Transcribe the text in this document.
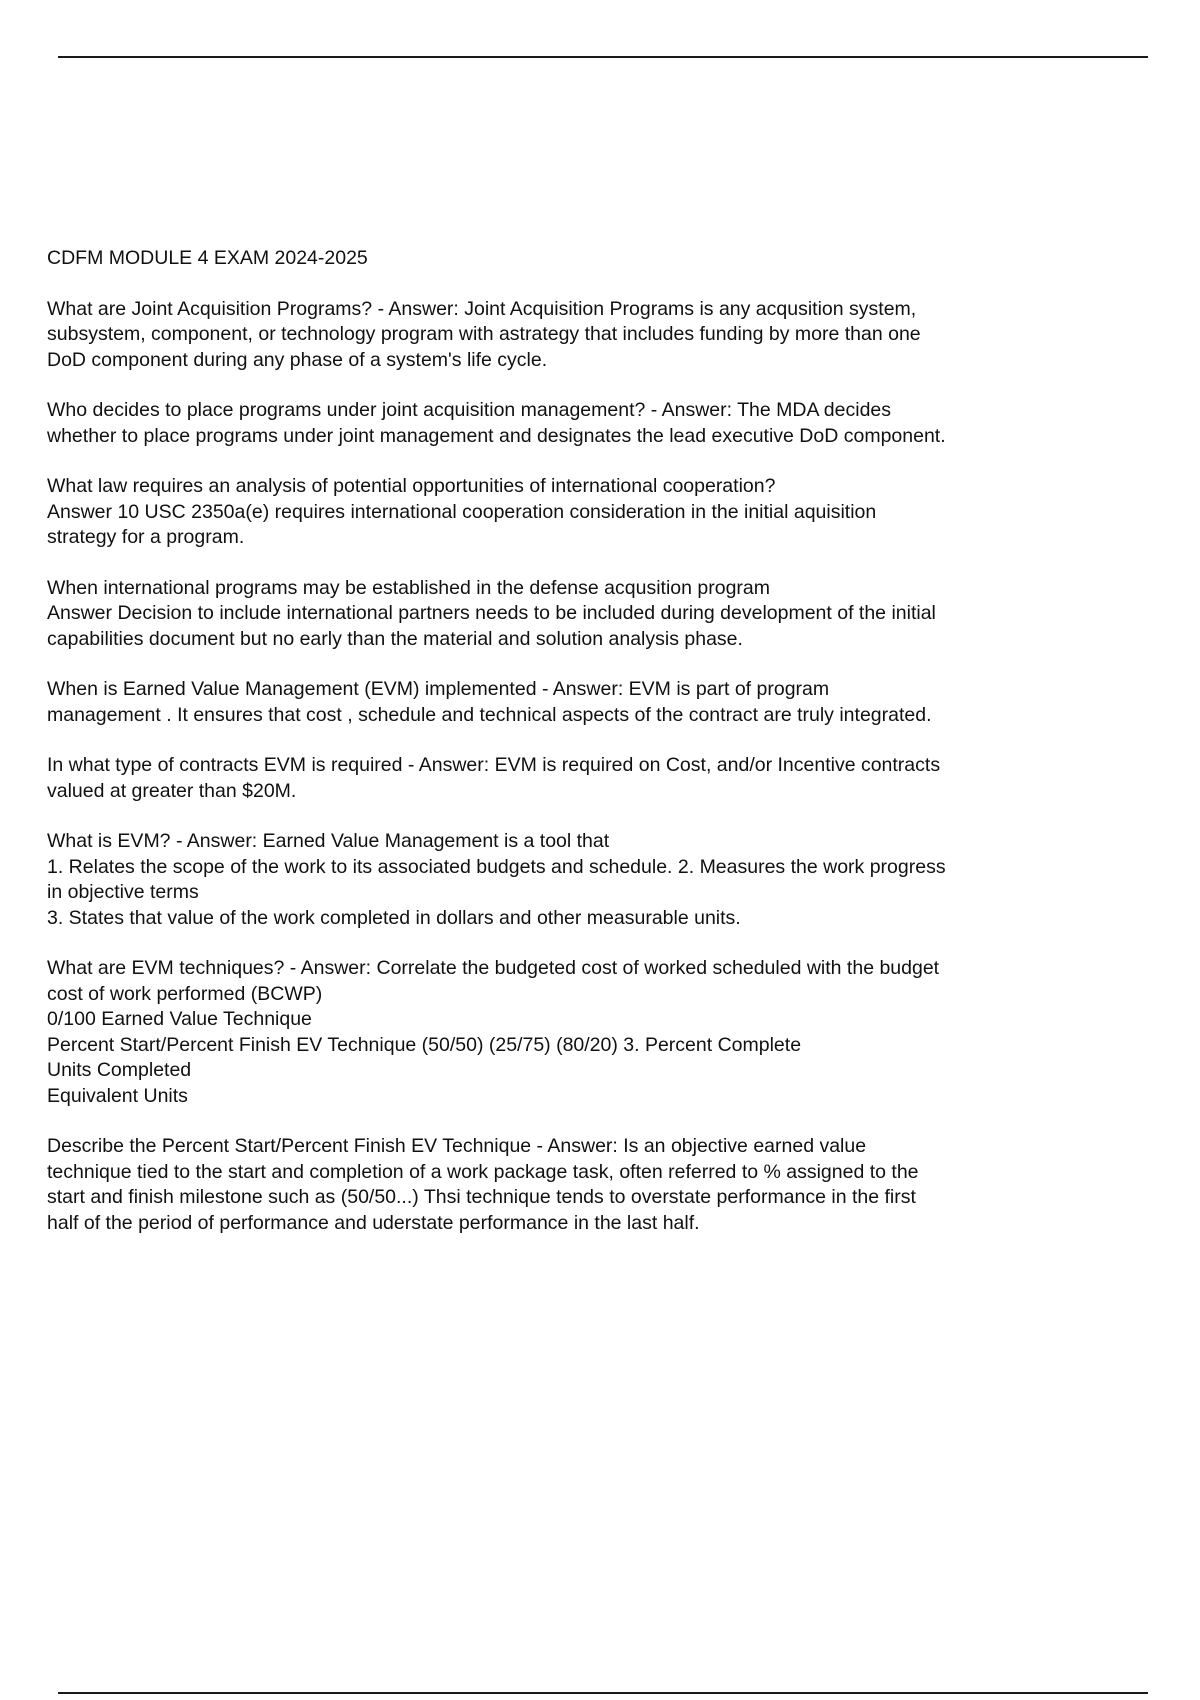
CDFM MODULE 4 EXAM 2024-2025
What are Joint Acquisition Programs? - Answer: Joint Acquisition Programs is any acqusition system,
subsystem, component, or technology program with astrategy that includes funding by more than one
DoD component during any phase of a system's life cycle.
Who decides to place programs under joint acquisition management? - Answer: The MDA decides
whether to place programs under joint management and designates the lead executive DoD component.
What law requires an analysis of potential opportunities of international cooperation?
Answer 10 USC 2350a(e) requires international cooperation consideration in the initial aquisition
strategy for a program.
When international programs may be established in the defense acqusition program
Answer Decision to include international partners needs to be included during development of the initial
capabilities document but no early than the material and solution analysis phase.
When is Earned Value Management (EVM) implemented - Answer: EVM is part of program
management . It ensures that cost , schedule and technical aspects of the contract are truly integrated.
In what type of contracts EVM is required - Answer: EVM is required on Cost, and/or Incentive contracts
valued at greater than $20M.
What is EVM? - Answer: Earned Value Management is a tool that
1. Relates the scope of the work to its associated budgets and schedule. 2. Measures the work progress
in objective terms
3. States that value of the work completed in dollars and other measurable units.
What are EVM techniques? - Answer: Correlate the budgeted cost of worked scheduled with the budget
cost of work performed (BCWP)
0/100 Earned Value Technique
Percent Start/Percent Finish EV Technique (50/50) (25/75) (80/20) 3. Percent Complete
Units Completed
Equivalent Units
Describe the Percent Start/Percent Finish EV Technique - Answer: Is an objective earned value
technique tied to the start and completion of a work package task, often referred to % assigned to the
start and finish milestone such as (50/50...) Thsi technique tends to overstate performance in the first
half of the period of performance and uderstate performance in the last half.
